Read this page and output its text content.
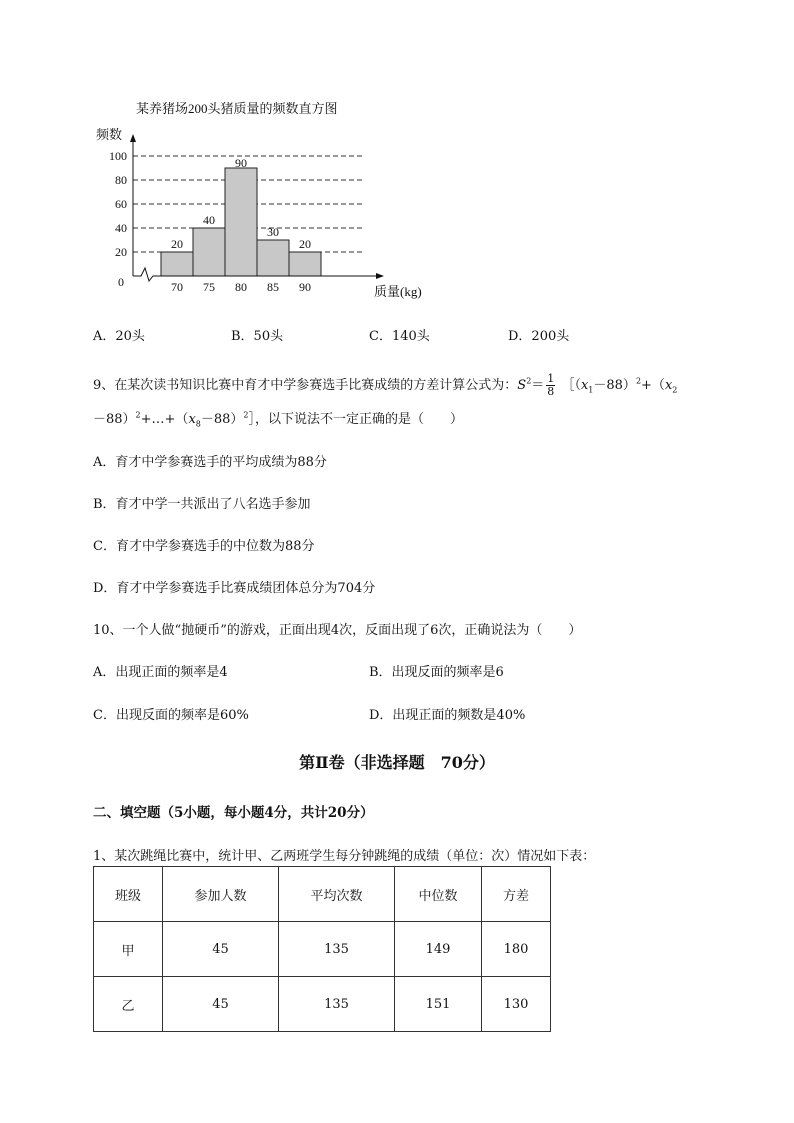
某养猪场200头猪质量的频数直方图
频数
20
40
60
80
100
20
40
90
30
20
0	70 75 80 85 90	质量(kg)
A．20头	B．50头	C．140头	D．200头
9、在某次读书知识比赛中育才中学参赛选手比赛成绩的方差计算公式为：$S^2= \frac{1}{8}$ $[(x_1-88)^2+(x_2$
$-88)^2+\dots+(x_8-88)^2]$，以下说法不一定正确的是（　　）
A．育才中学参赛选手的平均成绩为88分
B．育才中学一共派出了八名选手参加
C．育才中学参赛选手的中位数为88分
D．育才中学参赛选手比赛成绩团体总分为704分
10、一个人做“抛硬币”的游戏，正面出现4次，反面出现了6次，正确说法为（　　）
A．出现正面的频率是4	B．出现反面的频率是6
C．出现反面的频率是60%	D．出现正面的频数是40%
第Ⅱ卷（非选择题　70分）
二、填空题（5小题，每小题4分，共计20分）
1、某次跳绳比赛中，统计甲、乙两班学生每分钟跳绳的成绩（单位：次）情况如下表：
班级	参加人数	平均次数	中位数	方差
甲	45	135	149	180
乙	45	135	151	130
